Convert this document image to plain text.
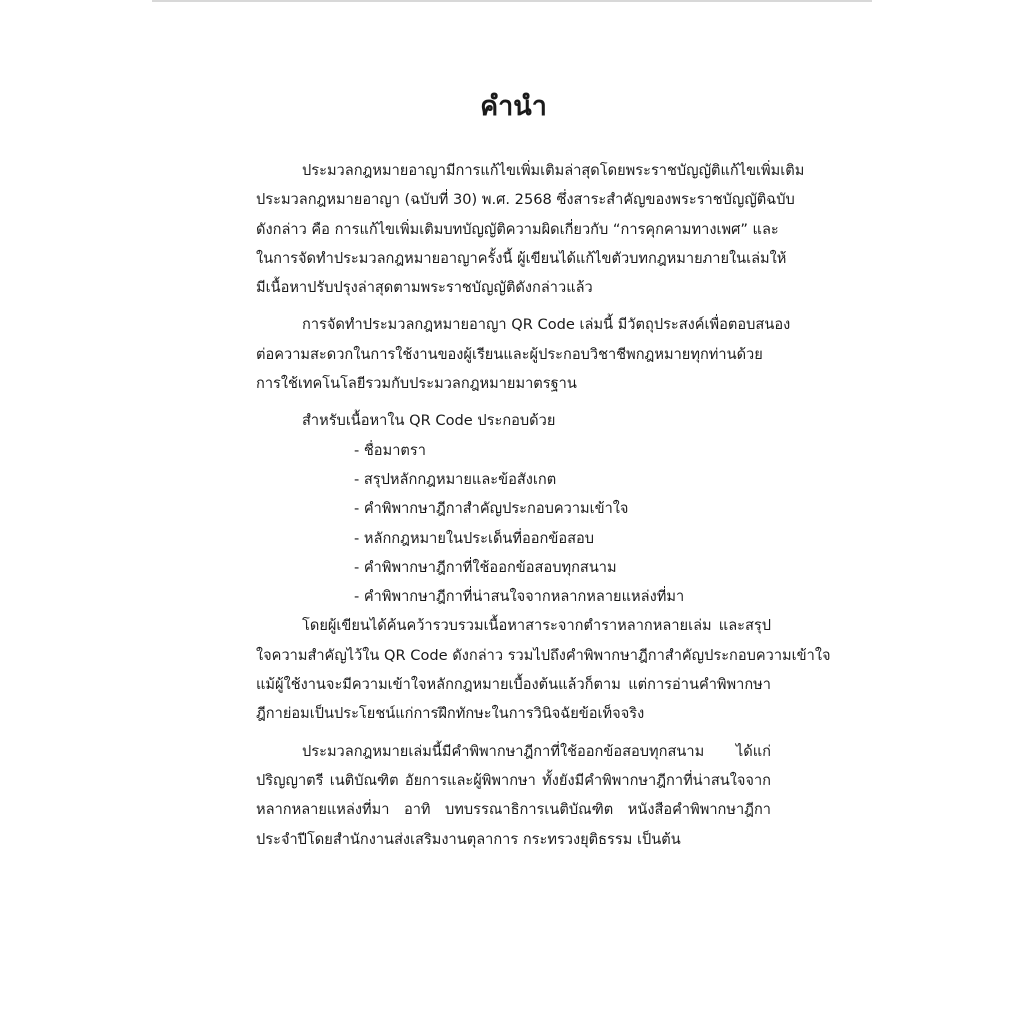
คำนำ
ประมวลกฎหมายอาญามีการแก้ไขเพิ่มเติมล่าสุดโดยพระราชบัญญัติแก้ไขเพิ่มเติม
ประมวลกฎหมายอาญา (ฉบับที่ 30) พ.ศ. 2568 ซึ่งสาระสำคัญของพระราชบัญญัติฉบับ
ดังกล่าว คือ การแก้ไขเพิ่มเติมบทบัญญัติความผิดเกี่ยวกับ “การคุกคามทางเพศ” และ
ในการจัดทำประมวลกฎหมายอาญาครั้งนี้ ผู้เขียนได้แก้ไขตัวบทกฎหมายภายในเล่มให้
มีเนื้อหาปรับปรุงล่าสุดตามพระราชบัญญัติดังกล่าวแล้ว
การจัดทำประมวลกฎหมายอาญา QR Code เล่มนี้ มีวัตถุประสงค์เพื่อตอบสนอง
ต่อความสะดวกในการใช้งานของผู้เรียนและผู้ประกอบวิชาชีพกฎหมายทุกท่านด้วย
การใช้เทคโนโลยีรวมกับประมวลกฎหมายมาตรฐาน
สำหรับเนื้อหาใน QR Code ประกอบด้วย
- ชื่อมาตรา
- สรุปหลักกฎหมายและข้อสังเกต
- คำพิพากษาฎีกาสำคัญประกอบความเข้าใจ
- หลักกฎหมายในประเด็นที่ออกข้อสอบ
- คำพิพากษาฎีกาที่ใช้ออกข้อสอบทุกสนาม
- คำพิพากษาฎีกาที่น่าสนใจจากหลากหลายแหล่งที่มา
โดยผู้เขียนได้ค้นคว้ารวบรวมเนื้อหาสาระจากตำราหลากหลายเล่ม และสรุป
ใจความสำคัญไว้ใน QR Code ดังกล่าว รวมไปถึงคำพิพากษาฎีกาสำคัญประกอบความเข้าใจ
แม้ผู้ใช้งานจะมีความเข้าใจหลักกฎหมายเบื้องต้นแล้วก็ตาม แต่การอ่านคำพิพากษา
ฎีกาย่อมเป็นประโยชน์แก่การฝึกทักษะในการวินิจฉัยข้อเท็จจริง
ประมวลกฎหมายเล่มนี้มีคำพิพากษาฎีกาที่ใช้ออกข้อสอบทุกสนาม ได้แก่
ปริญญาตรี เนติบัณฑิต อัยการและผู้พิพากษา ทั้งยังมีคำพิพากษาฎีกาที่น่าสนใจจาก
หลากหลายแหล่งที่มา อาทิ บทบรรณาธิการเนติบัณฑิต หนังสือคำพิพากษาฎีกา
ประจำปีโดยสำนักงานส่งเสริมงานตุลาการ กระทรวงยุติธรรม เป็นต้น
